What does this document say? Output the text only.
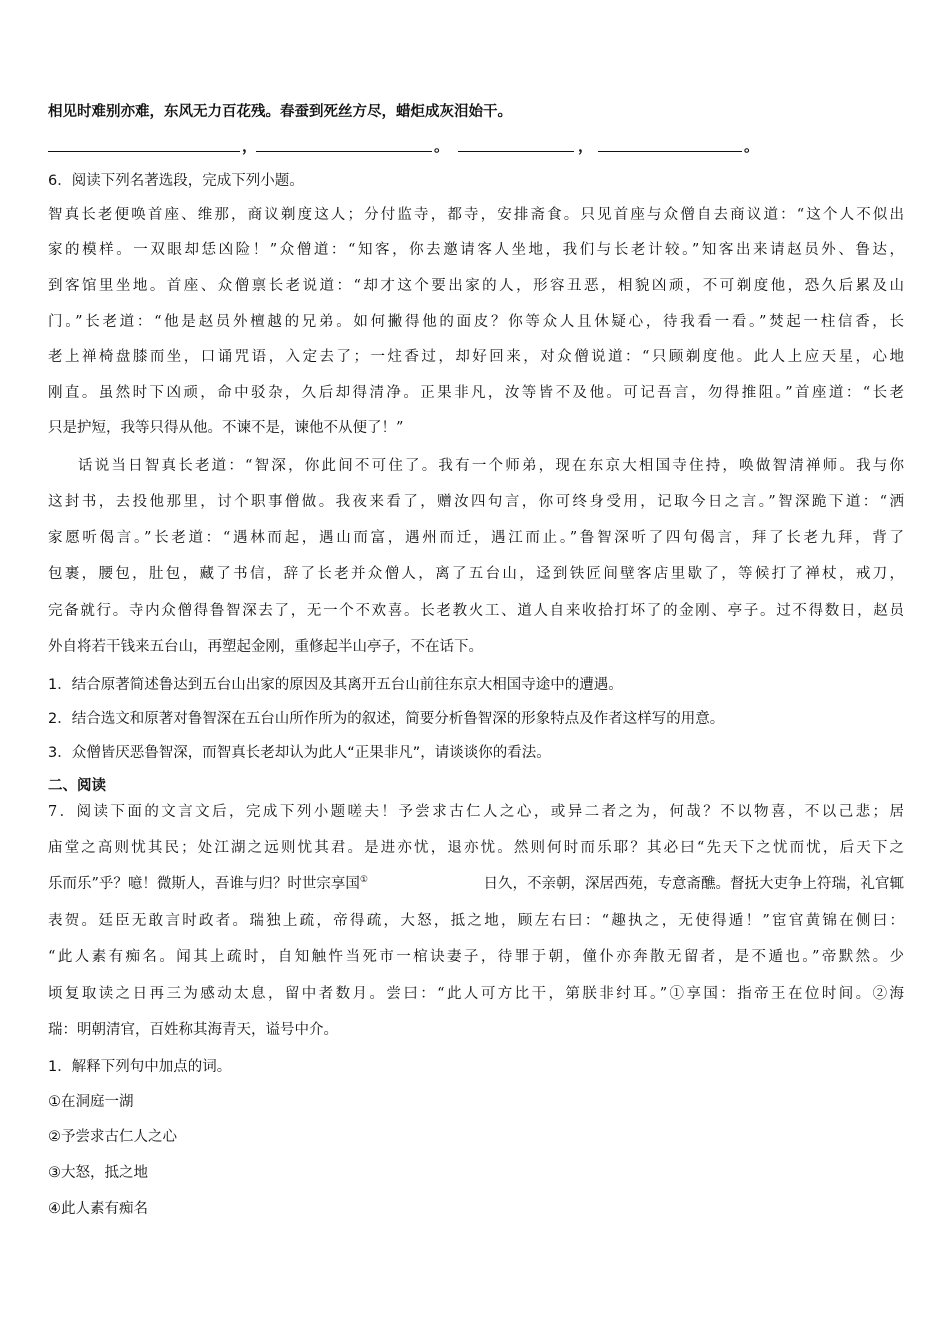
相见时难别亦难，东风无力百花残。春蚕到死丝方尽，蜡炬成灰泪始干。
，	。	，	。
6．阅读下列名著选段，完成下列小题。
智真长老便唤首座、维那，商议剃度这人；分付监寺，都寺，安排斋食。只见首座与众僧自去商议道：“这个人不似出
家的模样。一双眼却恁凶险！”众僧道：“知客，你去邀请客人坐地，我们与长老计较。”知客出来请赵员外、鲁达，
到客馆里坐地。首座、众僧禀长老说道：“却才这个要出家的人，形容丑恶，相貌凶顽，不可剃度他，恐久后累及山
门。”长老道：“他是赵员外檀越的兄弟。如何撇得他的面皮？你等众人且休疑心，待我看一看。”焚起一柱信香，长
老上禅椅盘膝而坐，口诵咒语，入定去了；一炷香过，却好回来，对众僧说道：“只顾剃度他。此人上应天星，心地
刚直。虽然时下凶顽，命中驳杂，久后却得清净。正果非凡，汝等皆不及他。可记吾言，勿得推阻。”首座道：“长老
只是护短，我等只得从他。不谏不是，谏他不从便了！”
话说当日智真长老道：“智深，你此间不可住了。我有一个师弟，现在东京大相国寺住持，唤做智清禅师。我与你
这封书，去投他那里，讨个职事僧做。我夜来看了，赠汝四句言，你可终身受用，记取今日之言。”智深跪下道：“洒
家愿听偈言。”长老道：“遇林而起，遇山而富，遇州而迁，遇江而止。”鲁智深听了四句偈言，拜了长老九拜，背了
包裹，腰包，肚包，藏了书信，辞了长老并众僧人，离了五台山，迳到铁匠间壁客店里歇了，等候打了禅杖，戒刀，
完备就行。寺内众僧得鲁智深去了，无一个不欢喜。长老教火工、道人自来收拾打坏了的金刚、亭子。过不得数日，赵员
外自将若干钱来五台山，再塑起金刚，重修起半山亭子，不在话下。
1．结合原著简述鲁达到五台山出家的原因及其离开五台山前往东京大相国寺途中的遭遇。
2．结合选文和原著对鲁智深在五台山所作所为的叙述，简要分析鲁智深的形象特点及作者这样写的用意。
3．众僧皆厌恶鲁智深，而智真长老却认为此人“正果非凡”，请谈谈你的看法。
二、阅读
7．阅读下面的文言文后，完成下列小题嗟夫！予尝求古仁人之心，或异二者之为，何哉？不以物喜，不以己悲；居
庙堂之高则忧其民；处江湖之远则忧其君。是进亦忧，退亦忧。然则何时而乐耶？其必曰“先天下之忧而忧，后天下之
乐而乐”乎？噫！微斯人，吾谁与归？时世宗享国①	日久，不亲朝，深居西苑，专意斋醮。督抚大吏争上符瑞，礼官辄
表贺。廷臣无敢言时政者。瑞独上疏，帝得疏，大怒，抵之地，顾左右曰：“趣执之，无使得遁！”宦官黄锦在侧曰：
“此人素有痴名。闻其上疏时，自知触忤当死市一棺诀妻子，待罪于朝，僮仆亦奔散无留者，是不遁也。”帝默然。少
顷复取读之日再三为感动太息，留中者数月。尝曰：“此人可方比干，第朕非纣耳。”①享国：指帝王在位时间。②海
瑞：明朝清官，百姓称其海青天，谥号中介。
1．解释下列句中加点的词。
①在洞庭一湖
②予尝求古仁人之心
③大怒，抵之地
④此人素有痴名
